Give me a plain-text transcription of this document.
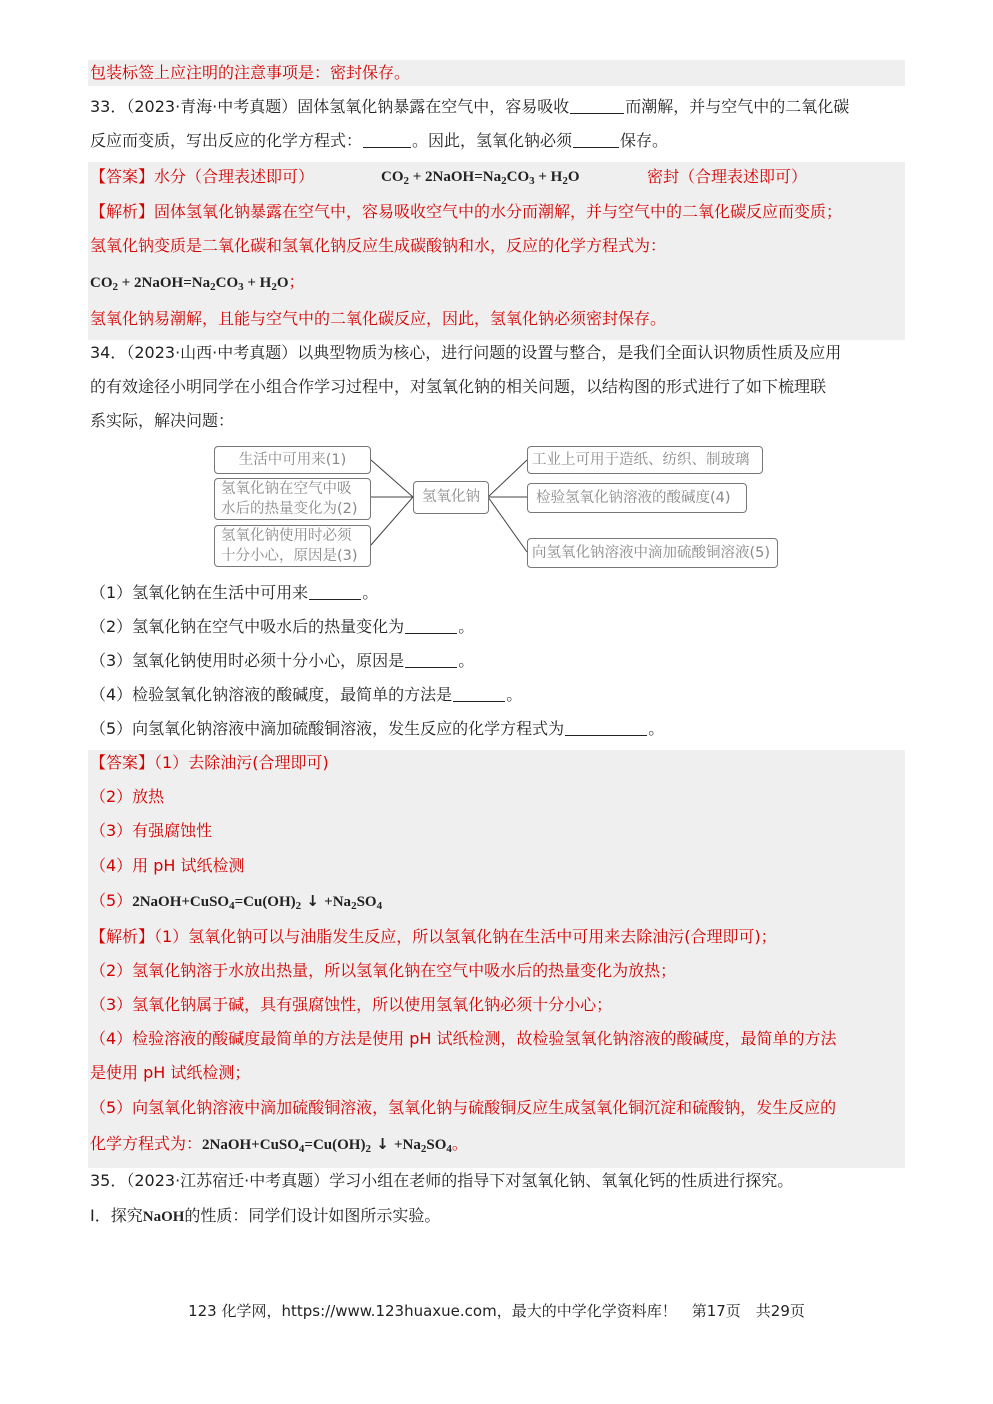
包装标签上应注明的注意事项是：密封保存。
33．（2023·青海·中考真题）固体氢氧化钠暴露在空气中，容易吸收	而潮解，并与空气中的二氧化碳
反应而变质，写出反应的化学方程式：	。因此，氢氧化钠必须	保存。
【答案】水分（合理表述即可）	$CO_2$ + $2NaOH=Na_2CO_3 + H_2O$	密封（合理表述即可）
【解析】固体氢氧化钠暴露在空气中，容易吸收空气中的水分而潮解，并与空气中的二氧化碳反应而变质；
氢氧化钠变质是二氧化碳和氢氧化钠反应生成碳酸钠和水，反应的化学方程式为：
$CO_2$ + $2NaOH=Na_2CO_3 + H_2O$；
氢氧化钠易潮解，且能与空气中的二氧化碳反应，因此，氢氧化钠必须密封保存。
34．（2023·山西·中考真题）以典型物质为核心，进行问题的设置与整合，是我们全面认识物质性质及应用
的有效途径小明同学在小组合作学习过程中，对氢氧化钠的相关问题，以结构图的形式进行了如下梳理联
系实际，解决问题：
氢氧化钠
生活中可用来(1)
氢氧化钠在空气中吸
水后的热量变化为(2)
氢氧化钠使用时必须
十分小心，原因是(3)
工业上可用于造纸、纺织、制玻璃
检验氢氧化钠溶液的酸碱度(4)
向氢氧化钠溶液中滴加硫酸铜溶液(5)
（1）氢氧化钠在生活中可用来	。
（2）氢氧化钠在空气中吸水后的热量变化为	。
（3）氢氧化钠使用时必须十分小心，原因是	。
（4）检验氢氧化钠溶液的酸碱度，最简单的方法是	。
（5）向氢氧化钠溶液中滴加硫酸铜溶液，发生反应的化学方程式为	。
【答案】（1）去除油污(合理即可)
（2）放热
（3）有强腐蚀性
（4）用 pH 试纸检测
$(5)2NaOH+CuSO_4=Cu(OH)_2$ ↓ $+Na_2SO_4$
【解析】（1）氢氧化钠可以与油脂发生反应，所以氢氧化钠在生活中可用来去除油污(合理即可)；
（2）氢氧化钠溶于水放出热量，所以氢氧化钠在空气中吸水后的热量变化为放热；
（3）氢氧化钠属于碱，具有强腐蚀性，所以使用氢氧化钠必须十分小心；
（4）检验溶液的酸碱度最简单的方法是使用 pH 试纸检测，故检验氢氧化钠溶液的酸碱度，最简单的方法
是使用 pH 试纸检测；
（5）向氢氧化钠溶液中滴加硫酸铜溶液，氢氧化钠与硫酸铜反应生成氢氧化铜沉淀和硫酸钠，发生反应的
化学方程式为：$2NaOH+CuSO_4=Cu(OH)_2$ ↓ $+Na_2SO_4$。
35．（2023·江苏宿迁·中考真题）学习小组在老师的指导下对氢氧化钠、氧氧化钙的性质进行探究。
Ⅰ．探究NaOH的性质：同学们设计如图所示实验。
123 化学网，https://www.123huaxue.com，最大的中学化学资料库！　第17页　共29页
